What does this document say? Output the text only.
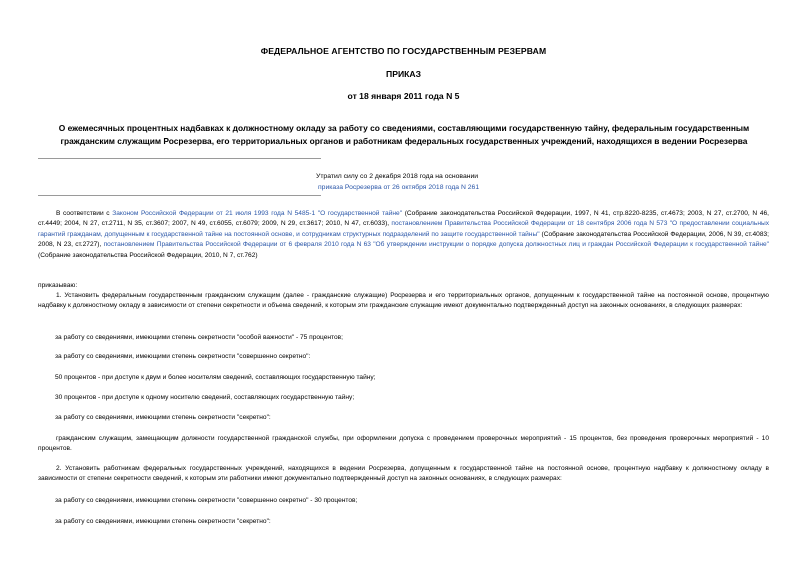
ФЕДЕРАЛЬНОЕ АГЕНТСТВО ПО ГОСУДАРСТВЕННЫМ РЕЗЕРВАМ
ПРИКАЗ
от 18 января 2011 года N 5
О ежемесячных процентных надбавках к должностному окладу за работу со сведениями, составляющими государственную тайну, федеральным государственным гражданским служащим Росрезерва, его территориальных органов и работникам федеральных государственных учреждений, находящихся в ведении Росрезерва
Утратил силу со 2 декабря 2018 года на основании
приказа Росрезерва от 26 октября 2018 года N 261
В соответствии с Законом Российской Федерации от 21 июля 1993 года N 5485-1 "О государственной тайне" (Собрание законодательства Российской Федерации, 1997, N 41, стр.8220-8235, ст.4673; 2003, N 27, ст.2700, N 46, ст.4449; 2004, N 27, ст.2711, N 35, ст.3607; 2007, N 49, ст.6055, ст.6079; 2009, N 29, ст.3617; 2010, N 47, ст.6033), постановлением Правительства Российской Федерации от 18 сентября 2006 года N 573 "О предоставлении социальных гарантий гражданам, допущенным к государственной тайне на постоянной основе, и сотрудникам структурных подразделений по защите государственной тайны" (Собрание законодательства Российской Федерации, 2006, N 39, ст.4083; 2008, N 23, ст.2727), постановлением Правительства Российской Федерации от 6 февраля 2010 года N 63 "Об утверждении инструкции о порядке допуска должностных лиц и граждан Российской Федерации к государственной тайне" (Собрание законодательства Российской Федерации, 2010, N 7, ст.762)
приказываю:
1. Установить федеральным государственным гражданским служащим (далее - гражданские служащие) Росрезерва и его территориальных органов, допущенным к государственной тайне на постоянной основе, процентную надбавку к должностному окладу в зависимости от степени секретности и объема сведений, к которым эти гражданские служащие имеют документально подтвержденный доступ на законных основаниях, в следующих размерах:
за работу со сведениями, имеющими степень секретности "особой важности" - 75 процентов;
за работу со сведениями, имеющими степень секретности "совершенно секретно":
50 процентов - при доступе к двум и более носителям сведений, составляющих государственную тайну;
30 процентов - при доступе к одному носителю сведений, составляющих государственную тайну;
за работу со сведениями, имеющими степень секретности "секретно":
гражданским служащим, замещающим должности государственной гражданской службы, при оформлении допуска с проведением проверочных мероприятий - 15 процентов, без проведения проверочных мероприятий - 10 процентов.
2. Установить работникам федеральных государственных учреждений, находящихся в ведении Росрезерва, допущенным к государственной тайне на постоянной основе, процентную надбавку к должностному окладу в зависимости от степени секретности сведений, к которым эти работники имеют документально подтвержденный доступ на законных основаниях, в следующих размерах:
за работу со сведениями, имеющими степень секретности "совершенно секретно" - 30 процентов;
за работу со сведениями, имеющими степень секретности "секретно":
